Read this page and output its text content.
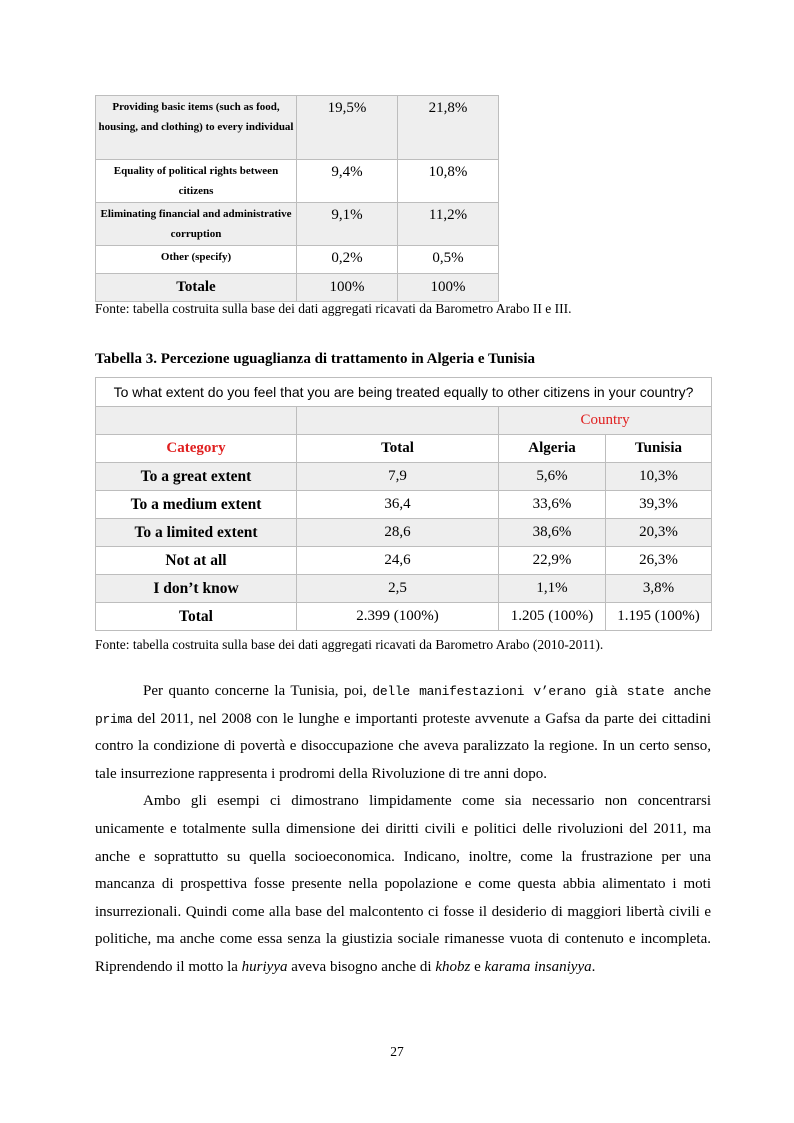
Providing basic items (such as food, housing, and clothing) to every individual	19,5%	21,8%
Equality of political rights between citizens	9,4%	10,8%
Eliminating financial and administrative corruption	9,1%	11,2%
Other (specify)	0,2%	0,5%
Totale	100%	100%
Fonte: tabella costruita sulla base dei dati aggregati ricavati da Barometro Arabo II e III.
Tabella 3. Percezione uguaglianza di trattamento in Algeria e Tunisia
To what extent do you feel that you are being treated equally to other citizens in your country?			
		Country	
Category	Total	Algeria	Tunisia
To a great extent	7,9	5,6%	10,3%
To a medium extent	36,4	33,6%	39,3%
To a limited extent	28,6	38,6%	20,3%
Not at all	24,6	22,9%	26,3%
I don’t know	2,5	1,1%	3,8%
Total	2.399 (100%)	1.205 (100%)	1.195 (100%)
Fonte: tabella costruita sulla base dei dati aggregati ricavati da Barometro Arabo (2010-2011).

Per quanto concerne la Tunisia, poi, delle manifestazioni v’erano già state anche prima del 2011, nel 2008 con le lunghe e importanti proteste avvenute a Gafsa da parte dei cittadini contro la condizione di povertà e disoccupazione che aveva paralizzato la regione. In un certo senso, tale insurrezione rappresenta i prodromi della Rivoluzione di tre anni dopo.

Ambo gli esempi ci dimostrano limpidamente come sia necessario non concentrarsi unicamente e totalmente sulla dimensione dei diritti civili e politici delle rivoluzioni del 2011, ma anche e soprattutto su quella socioeconomica. Indicano, inoltre, come la frustrazione per una mancanza di prospettiva fosse presente nella popolazione e come questa abbia alimentato i moti insurrezionali. Quindi come alla base del malcontento ci fosse il desiderio di maggiori libertà civili e politiche, ma anche come essa senza la giustizia sociale rimanesse vuota di contenuto e incompleta. Riprendendo il motto la huriyya aveva bisogno anche di khobz e karama insaniyya.

27
